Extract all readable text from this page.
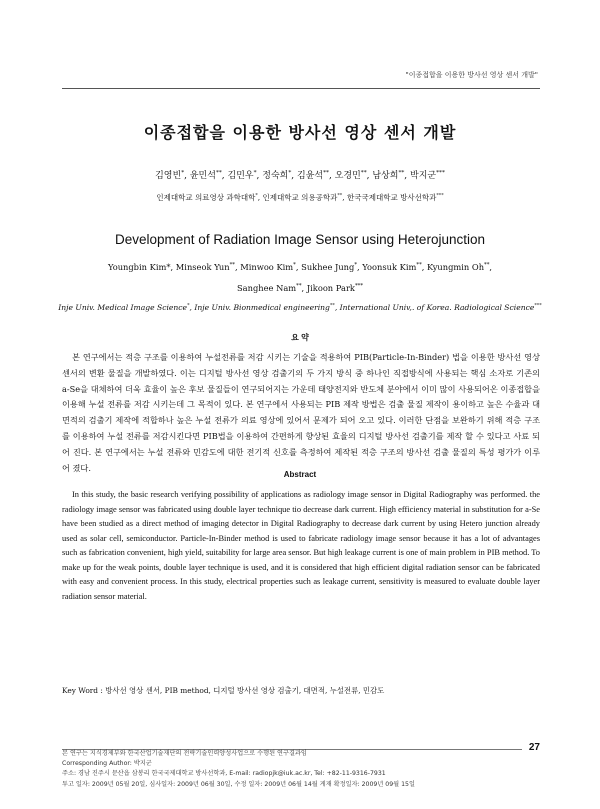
"이종접합을 이용한 방사선 영상 센서 개발"
이종접합을 이용한 방사선 영상 센서 개발
김영빈*, 윤민석**, 김민우*, 정숙희*, 김윤석**, 오경민**, 남상희**, 박지군***
인제대학교 의료영상 과학대학*, 인제대학교 의용공학과**, 한국국제대학교 방사선학과***
Development of Radiation Image Sensor using Heterojunction
Youngbin Kim*, Minseok Yun**, Minwoo Kim*, Sukhee Jung*, Yoonsuk Kim**, Kyungmin Oh**,
Sanghee Nam**, Jikoon Park***
Inje Univ. Medical Image Science*, Inje Univ. Bionmedical engineering**, International Univ,. of Korea. Radiological Science***
요 약

본 연구에서는 적층 구조를 이용하여 누설전류를 저감 시키는 기술을 적용하여 PIB(Particle-In-Binder) 법을 이용한 방사선 영상 센서의 변환 물질을 개발하였다. 이는 디지털 방사선 영상 검출기의 두 가지 방식 중 하나인 직접방식에 사용되는 핵심 소자로 기존의 a-Se을 대체하여 더욱 효율이 높은 후보 물질들이 연구되어지는 가운데 태양전지와 반도체 분야에서 이미 많이 사용되어온 이종접합을 이용해 누설 전류를 저감 시키는데 그 목적이 있다. 본 연구에서 사용되는 PIB 제작 방법은 검출 물질 제작이 용이하고 높은 수율과 대면적의 검출기 제작에 적합하나 높은 누설 전류가 의료 영상에 있어서 문제가 되어 오고 있다. 이러한 단점을 보완하기 위해 적층 구조를 이용하여 누설 전류를 저감시킨다면 PIB법을 이용하여 간편하게 향상된 효율의 디지털 방사선 검출기를 제작 할 수 있다고 사료 되어 진다. 본 연구에서는 누설 전류와 민감도에 대한 전기적 신호를 측정하여 제작된 적층 구조의 방사선 검출 물질의 특성 평가가 이루어 졌다.

Abstract

In this study, the basic research verifying possibility of applications as radiology image sensor in Digital Radiography was performed. the radiology image sensor was fabricated using double layer technique tio decrease dark current. High efficiency material in substitution for a-Se have been studied as a direct method of imaging detector in Digital Radiography to decrease dark current by using Hetero junction already used as solar cell, semiconductor. Particle-In-Binder method is used to fabricate radiology image sensor because it has a lot of advantages such as fabrication convenient, high yield, suitability for large area sensor. But high leakage current is one of main problem in PIB method. To make up for the weak points, double layer technique is used, and it is considered that high efficient digital radiation sensor can be fabricated with easy and convenient process. In this study, electrical properties such as leakage current, sensitivity is measured to evaluate double layer radiation sensor material.

Key Word : 방사선 영상 센서, PIB method, 디지털 방사선 영상 검출기, 대면적, 누설전류, 민감도
27
본 연구는 지식경제부와 한국산업기술재단의 전략기술인력양성사업으로 수행된 연구결과임
Corresponding Author: 박지군
주소: 경남 진주시 문산읍 삼봉리 한국국제대학교 방사선학과, E-mail: radiopjk@iuk.ac.kr, Tel: +82-11-9316-7931
투고 일자: 2009년 05월 20일, 심사일자: 2009년 06월 30일, 수정 일자: 2009년 06월 14월 게재 확정일자: 2009년 09월 15일
